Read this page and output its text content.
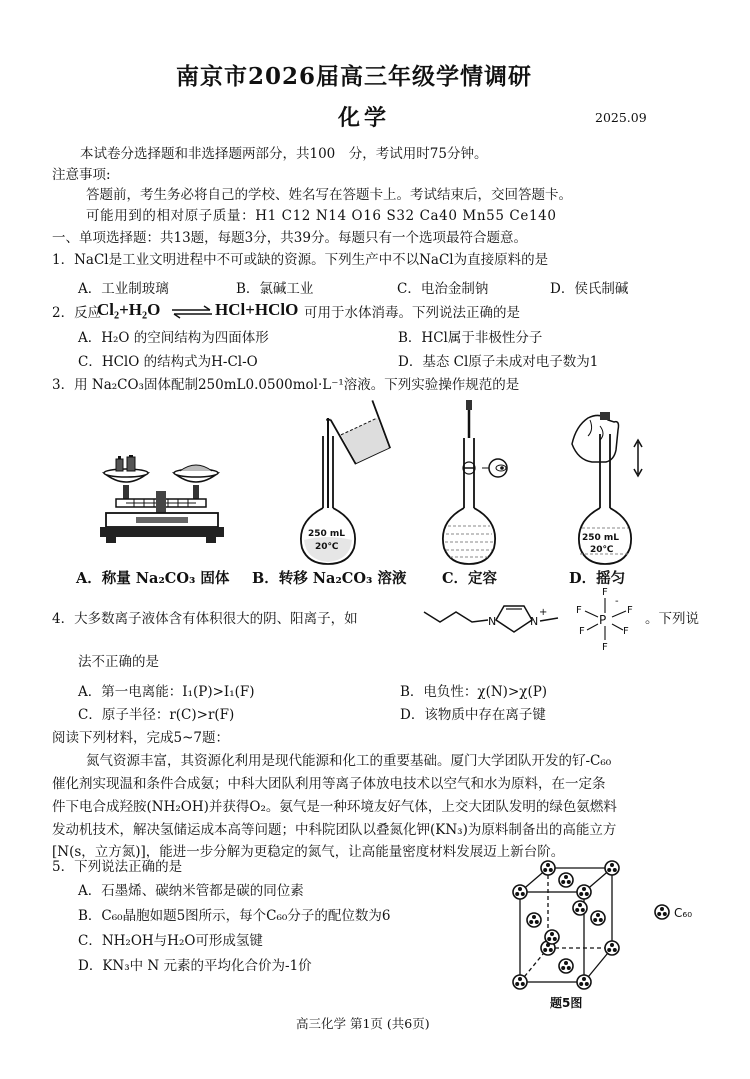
南京市2026届高三年级学情调研
化学	2025.09
本试卷分选择题和非选择题两部分，共100　分，考试用时75分钟。
注意事项:
答题前，考生务必将自己的学校、姓名写在答题卡上。考试结束后，交回答题卡。
可能用到的相对原子质量：H1 C12 N14 O16 S32 Ca40 Mn55 Ce140
一、单项选择题：共13题，每题3分，共39分。每题只有一个选项最符合题意。
1．NaCl是工业文明进程中不可或缺的资源。下列生产中不以NaCl为直接原料的是
A．工业制玻璃	B．氯碱工业	C．电治金制钠	D．侯氏制碱
2．反应
Cl₂+H₂O ⇌ HCl+HClO 可用于水体消毒。下列说法正确的是
A．H₂O 的空间结构为四面体形	B．HCl属于非极性分子
C．HClO 的结构式为H-Cl-O	D．基态 Cl原子未成对电子数为1
3．用 Na₂CO₃固体配制250mL0.0500mol·L⁻¹溶液。下列实验操作规范的是
250 mL
20℃
250 mL
20℃
A．称量 Na₂CO₃ 固体 B．转移 Na₂CO₃ 溶液 C．定容	D．摇匀
4．大多数离子液体含有体积很大的阴、阳离子，如	N	N
+
P
F
F
F
F
F
F
-
。下列说
法不正确的是
A．第一电离能：I₁(P)>I₁(F)	B．电负性：χ(N)>χ(P)
C．原子半径：r(C)>r(F)	D．该物质中存在离子键
阅读下列材料，完成5~7题：
氮气资源丰富，其资源化利用是现代能源和化工的重要基础。厦门大学团队开发的钌-C₆₀
催化剂实现温和条件合成氨；中科大团队利用等离子体放电技术以空气和水为原料，在一定条
件下电合成羟胺(NH₂OH)并获得O₂。氨气是一种环境友好气体，上交大团队发明的绿色氨燃料
发动机技术，解决氢储运成本高等问题；中科院团队以叠氮化钾(KN₃)为原料制备出的高能立方
[N(s，立方氮)]，能进一步分解为更稳定的氮气，让高能量密度材料发展迈上新台阶。
5．下列说法正确的是
A．石墨烯、碳纳米管都是碳的同位素
B．C₆₀晶胞如题5图所示，每个C₆₀分子的配位数为6
C．NH₂OH与H₂O可形成氢键
D．KN₃中 N 元素的平均化合价为-1价
C₆₀
题5图
高三化学 第1页 (共6页)
